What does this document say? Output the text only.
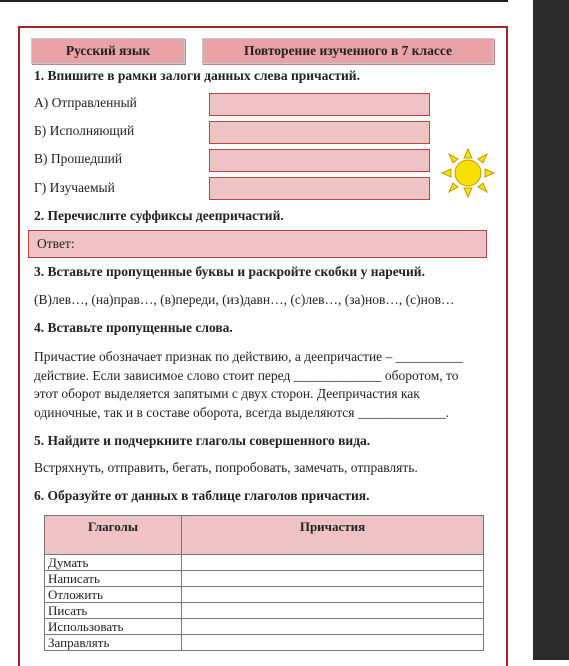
Русский язык	Повторение изученного в 7 классе
1. Впишите в рамки залоги данных слева причастий.
А) Отправленный
Б) Исполняющий
В) Прошедший
Г) Изучаемый
2. Перечислите суффиксы деепричастий.
Ответ:
3. Вставьте пропущенные буквы и раскройте скобки у наречий.
(В)лев…, (на)прав…, (в)переди, (из)давн…, (с)лев…, (за)нов…, (с)нов…
4. Вставьте пропущенные слова.
Причастие обозначает признак по действию, а деепричастие – __________
действие. Если зависимое слово стоит перед _____________ оборотом, то
этот оборот выделяется запятыми с двух сторон. Деепричастия как
одиночные, так и в составе оборота, всегда выделяются _____________.
5. Найдите и подчеркните глаголы совершенного вида.
Встряхнуть, отправить, бегать, попробовать, замечать, отправлять.
6. Образуйте от данных в таблице глаголов причастия.
Глаголы	Причастия
Думать	
Написать	
Отложить	
Писать	
Использовать	
Заправлять	
